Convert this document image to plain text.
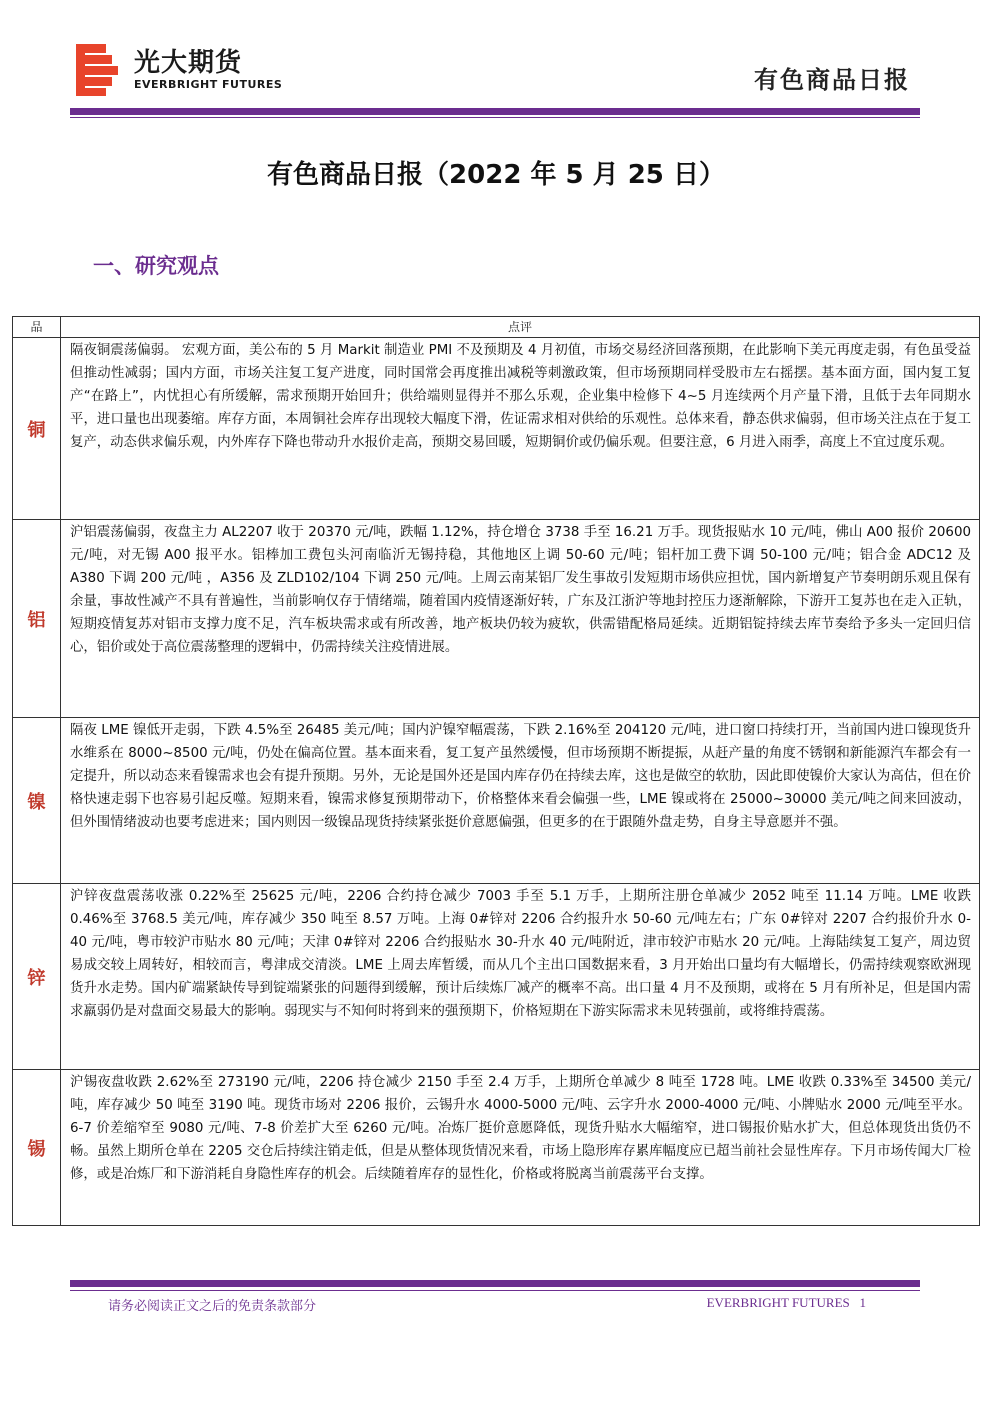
光大期货
EVERBRIGHT FUTURES	有色商品日报
有色商品日报（2022 年 5 月 25 日）
一、研究观点
品	点评
铜	隔夜铜震荡偏弱。 宏观方面，美公布的 5 月 Markit 制造业 PMI 不及预期及 4 月初值，市场交易经济回落预期，在此影响下美元再度走弱，有色虽受益但推动性减弱；国内方面，市场关注复工复产进度，同时国常会再度推出减税等刺激政策，但市场预期同样受股市左右摇摆。基本面方面，国内复工复产“在路上”，内忧担心有所缓解，需求预期开始回升；供给端则显得并不那么乐观，企业集中检修下 4~5 月连续两个月产量下滑，且低于去年同期水平，进口量也出现萎缩。库存方面，本周铜社会库存出现较大幅度下滑，佐证需求相对供给的乐观性。总体来看，静态供求偏弱，但市场关注点在于复工复产，动态供求偏乐观，内外库存下降也带动升水报价走高，预期交易回暖，短期铜价或仍偏乐观。但要注意，6 月进入雨季，高度上不宜过度乐观。
铝	沪铝震荡偏弱，夜盘主力 AL2207 收于 20370 元/吨，跌幅 1.12%，持仓增仓 3738 手至 16.21 万手。现货报贴水 10 元/吨，佛山 A00 报价 20600 元/吨，对无锡 A00 报平水。铝棒加工费包头河南临沂无锡持稳，其他地区上调 50-60 元/吨；铝杆加工费下调 50-100 元/吨；铝合金 ADC12 及 A380 下调 200 元/吨 ，A356 及 ZLD102/104 下调 250 元/吨。上周云南某铝厂发生事故引发短期市场供应担忧，国内新增复产节奏明朗乐观且保有余量，事故性减产不具有普遍性，当前影响仅存于情绪端，随着国内疫情逐渐好转，广东及江浙沪等地封控压力逐渐解除，下游开工复苏也在走入正轨，短期疫情复苏对铝市支撑力度不足，汽车板块需求或有所改善，地产板块仍较为疲软，供需错配格局延续。近期铝锭持续去库节奏给予多头一定回归信心，铝价或处于高位震荡整理的逻辑中，仍需持续关注疫情进展。
镍	隔夜 LME 镍低开走弱，下跌 4.5%至 26485 美元/吨；国内沪镍窄幅震荡，下跌 2.16%至 204120 元/吨，进口窗口持续打开，当前国内进口镍现货升水维系在 8000~8500 元/吨，仍处在偏高位置。基本面来看，复工复产虽然缓慢，但市场预期不断提振，从赶产量的角度不锈钢和新能源汽车都会有一定提升，所以动态来看镍需求也会有提升预期。另外，无论是国外还是国内库存仍在持续去库，这也是做空的软肋，因此即使镍价大家认为高估，但在价格快速走弱下也容易引起反噬。短期来看，镍需求修复预期带动下，价格整体来看会偏强一些，LME 镍或将在 25000~30000 美元/吨之间来回波动，但外围情绪波动也要考虑进来；国内则因一级镍品现货持续紧张挺价意愿偏强，但更多的在于跟随外盘走势，自身主导意愿并不强。
锌	沪锌夜盘震荡收涨 0.22%至 25625 元/吨，2206 合约持仓减少 7003 手至 5.1 万手，上期所注册仓单减少 2052 吨至 11.14 万吨。LME 收跌 0.46%至 3768.5 美元/吨，库存减少 350 吨至 8.57 万吨。上海 0#锌对 2206 合约报升水 50-60 元/吨左右；广东 0#锌对 2207 合约报价升水 0-40 元/吨，粤市较沪市贴水 80 元/吨；天津 0#锌对 2206 合约报贴水 30-升水 40 元/吨附近，津市较沪市贴水 20 元/吨。上海陆续复工复产，周边贸易成交较上周转好，相较而言，粤津成交清淡。LME 上周去库暂缓，而从几个主出口国数据来看，3 月开始出口量均有大幅增长，仍需持续观察欧洲现货升水走势。国内矿端紧缺传导到锭端紧张的问题得到缓解，预计后续炼厂减产的概率不高。出口量 4 月不及预期，或将在 5 月有所补足，但是国内需求羸弱仍是对盘面交易最大的影响。弱现实与不知何时将到来的强预期下，价格短期在下游实际需求未见转强前，或将维持震荡。
锡	沪锡夜盘收跌 2.62%至 273190 元/吨，2206 持仓减少 2150 手至 2.4 万手，上期所仓单减少 8 吨至 1728 吨。LME 收跌 0.33%至 34500 美元/吨，库存减少 50 吨至 3190 吨。现货市场对 2206 报价，云锡升水 4000-5000 元/吨、云字升水 2000-4000 元/吨、小牌贴水 2000 元/吨至平水。6-7 价差缩窄至 9080 元/吨、7-8 价差扩大至 6260 元/吨。冶炼厂挺价意愿降低，现货升贴水大幅缩窄，进口锡报价贴水扩大，但总体现货出货仍不畅。虽然上期所仓单在 2205 交仓后持续注销走低，但是从整体现货情况来看，市场上隐形库存累库幅度应已超当前社会显性库存。下月市场传闻大厂检修，或是冶炼厂和下游消耗自身隐性库存的机会。后续随着库存的显性化，价格或将脱离当前震荡平台支撑。
请务必阅读正文之后的免责条款部分	EVERBRIGHT FUTURES 1
